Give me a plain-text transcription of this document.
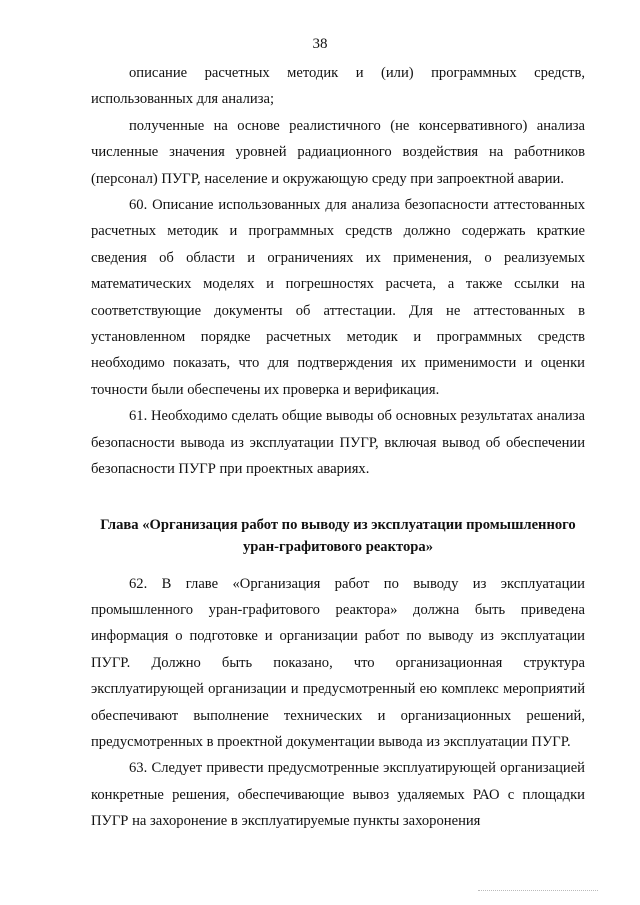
38

описание расчетных методик и (или) программных средств, использованных для анализа;

полученные на основе реалистичного (не консервативного) анализа численные значения уровней радиационного воздействия на работников (персонал) ПУГР, население и окружающую среду при запроектной аварии.

60. Описание использованных для анализа безопасности аттестованных расчетных методик и программных средств должно содержать краткие сведения об области и ограничениях их применения, о реализуемых математических моделях и погрешностях расчета, а также ссылки на соответствующие документы об аттестации. Для не аттестованных в установленном порядке расчетных методик и программных средств необходимо показать, что для подтверждения их применимости и оценки точности были обеспечены их проверка и верификация.

61. Необходимо сделать общие выводы об основных результатах анализа безопасности вывода из эксплуатации ПУГР, включая вывод об обеспечении безопасности ПУГР при проектных авариях.

Глава «Организация работ по выводу из эксплуатации промышленного
уран-графитового реактора»

62. В главе «Организация работ по выводу из эксплуатации промышленного уран-графитового реактора» должна быть приведена информация о подготовке и организации работ по выводу из эксплуатации ПУГР. Должно быть показано, что организационная структура эксплуатирующей организации и предусмотренный ею комплекс мероприятий обеспечивают выполнение технических и организационных решений, предусмотренных в проектной документации вывода из эксплуатации ПУГР.

63. Следует привести предусмотренные эксплуатирующей организацией конкретные решения, обеспечивающие вывоз удаляемых РАО с площадки ПУГР на захоронение в эксплуатируемые пункты захоронения
